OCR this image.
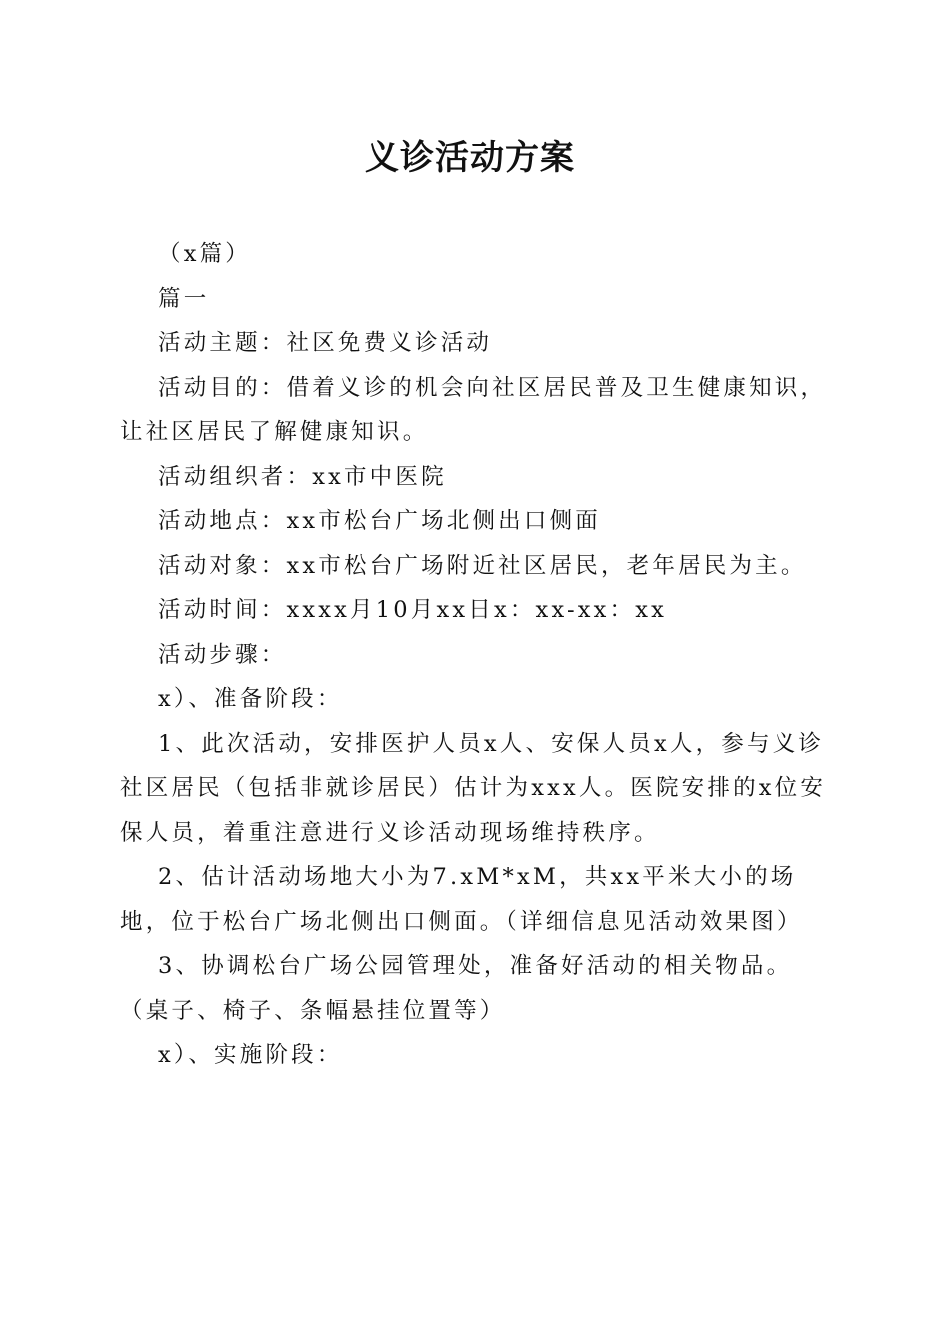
义诊活动方案

（x篇）

篇一

活动主题：社区免费义诊活动

活动目的：借着义诊的机会向社区居民普及卫生健康知识，让社区居民了解健康知识。

活动组织者：xx市中医院

活动地点：xx市松台广场北侧出口侧面

活动对象：xx市松台广场附近社区居民，老年居民为主。

活动时间：xxxx月10月xx日x：xx-xx：xx

活动步骤：

x）、准备阶段：

1、此次活动，安排医护人员x人、安保人员x人，参与义诊社区居民（包括非就诊居民）估计为xxx人。医院安排的x位安保人员，着重注意进行义诊活动现场维持秩序。

2、估计活动场地大小为7.xM*xM，共xx平米大小的场地，位于松台广场北侧出口侧面。（详细信息见活动效果图）

3、协调松台广场公园管理处，准备好活动的相关物品。（桌子、椅子、条幅悬挂位置等）

x）、实施阶段：
